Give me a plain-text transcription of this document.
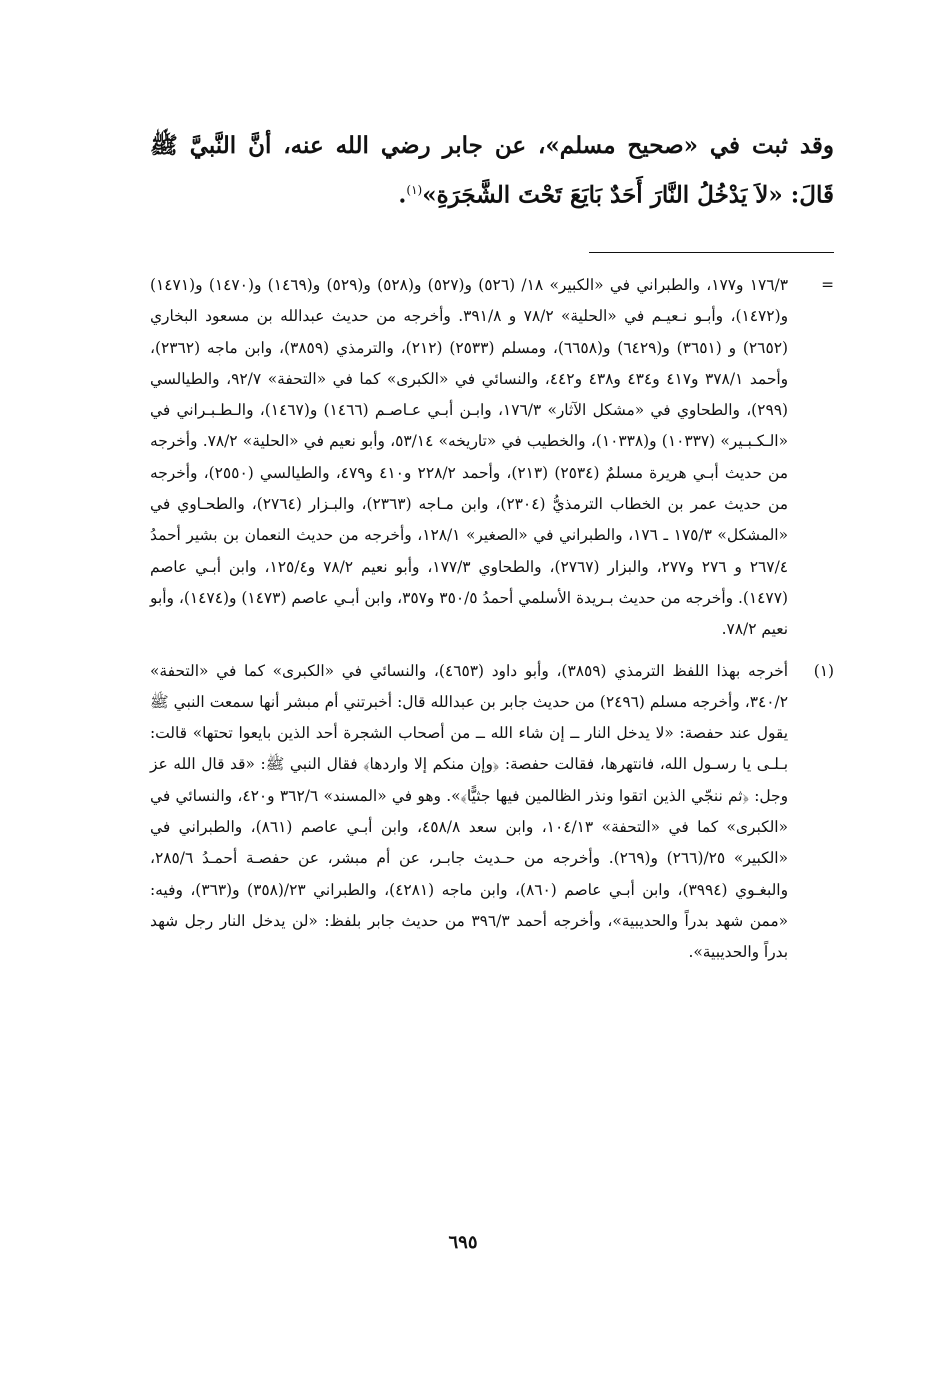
وقد ثبت في «صحيح مسلم»، عن جابر رضي الله عنه، أنَّ النَّبيَّ ﷺ قَالَ: «لاَ يَدْخُلُ النَّارَ أَحَدٌ بَايَعَ تَحْتَ الشَّجَرَةِ»$^{(١)}$.

=
١٧٦/٣ و١٧٧، والطبراني في «الكبير» ١٨/ (٥٢٦) و(٥٢٧) و(٥٢٨) و(٥٢٩) و(١٤٦٩) و(١٤٧٠) و(١٤٧١) و(١٤٧٢)، وأبـو نـعيـم في «الحلية» ٧٨/٢ و ٣٩١/٨. وأخرجه من حديث عبدالله بن مسعود البخاري (٢٦٥٢) و (٣٦٥١) و(٦٤٢٩) و(٦٦٥٨)، ومسلم (٢٥٣٣) (٢١٢)، والترمذي (٣٨٥٩)، وابن ماجه (٢٣٦٢)، وأحمد ٣٧٨/١ و٤١٧ و٤٣٤ و٤٣٨ و٤٤٢، والنسائي في «الكبرى» كما في «التحفة» ٩٢/٧، والطيالسي (٢٩٩)، والطحاوي في «مشكل الآثار» ١٧٦/٣، وابـن أبـي عـاصـم (١٤٦٦) و(١٤٦٧)، والـطـبـراني في «الـكـبـير» (١٠٣٣٧) و(١٠٣٣٨)، والخطيب في «تاريخه» ٥٣/١٤، وأبو نعيم في «الحلية» ٧٨/٢. وأخرجه من حديث أبـي هريرة مسلمٌ (٢٥٣٤) (٢١٣)، وأحمد ٢٢٨/٢ و٤١٠ و٤٧٩، والطيالسي (٢٥٥٠)، وأخرجه من حديث عمر بن الخطاب الترمذيُّ (٢٣٠٤)، وابن مـاجه (٢٣٦٣)، والبـزار (٢٧٦٤)، والطحـاوي في «المشكل» ١٧٥/٣ ـ ١٧٦، والطبراني في «الصغير» ١٢٨/١، وأخرجه من حديث النعمان بن بشير أحمدُ ٢٦٧/٤ و ٢٧٦ و٢٧٧، والبزار (٢٧٦٧)، والطحاوي ١٧٧/٣، وأبو نعيم ٧٨/٢ و١٢٥/٤، وابن أبـي عاصم (١٤٧٧). وأخرجه من حديث بـريدة الأسلمي أحمدُ ٣٥٠/٥ و٣٥٧، وابن أبـي عاصم (١٤٧٣) و(١٤٧٤)، وأبو نعيم ٧٨/٢.

(١)
أخرجه بهذا اللفظ الترمذي (٣٨٥٩)، وأبو داود (٤٦٥٣)، والنسائي في «الكبرى» كما في «التحفة» ٣٤٠/٢، وأخرجه مسلم (٢٤٩٦) من حديث جابر بن عبدالله قال: أخبرتني أم مبشر أنها سمعت النبي ﷺ يقول عند حفصة: «لا يدخل النار ــ إن شاء الله ــ من أصحاب الشجرة أحد الذين بايعوا تحتها» قالت: بـلـى يا رسـول الله، فانتهرها، فقالت حفصة: ﴿وإن منكم إلا واردها﴾ فقال النبي ﷺ: «قد قال الله عز وجل: ﴿ثم ننجّي الذين اتقوا ونذر الظالمين فيها جثيًّا﴾». وهو في «المسند» ٣٦٢/٦ و٤٢٠، والنسائي في «الكبرى» كما في «التحفة» ١٠٤/١٣، وابن سعد ٤٥٨/٨، وابن أبـي عاصم (٨٦١)، والطبراني في «الكبير» ٢٥/(٢٦٦) و(٢٦٩). وأخرجه من حـديث جابـر، عن أم مبشر، عن حفصـة أحمـدُ ٢٨٥/٦، والبغـوي (٣٩٩٤)، وابن أبـي عاصم (٨٦٠)، وابن ماجه (٤٢٨١)، والطبراني ٢٣/(٣٥٨) و(٣٦٣)، وفيه: «ممن شهد بدراً والحديبية»، وأخرجه أحمد ٣٩٦/٣ من حديث جابر بلفظ: «لن يدخل النار رجل شهد بدراً والحديبية».

٦٩٥
